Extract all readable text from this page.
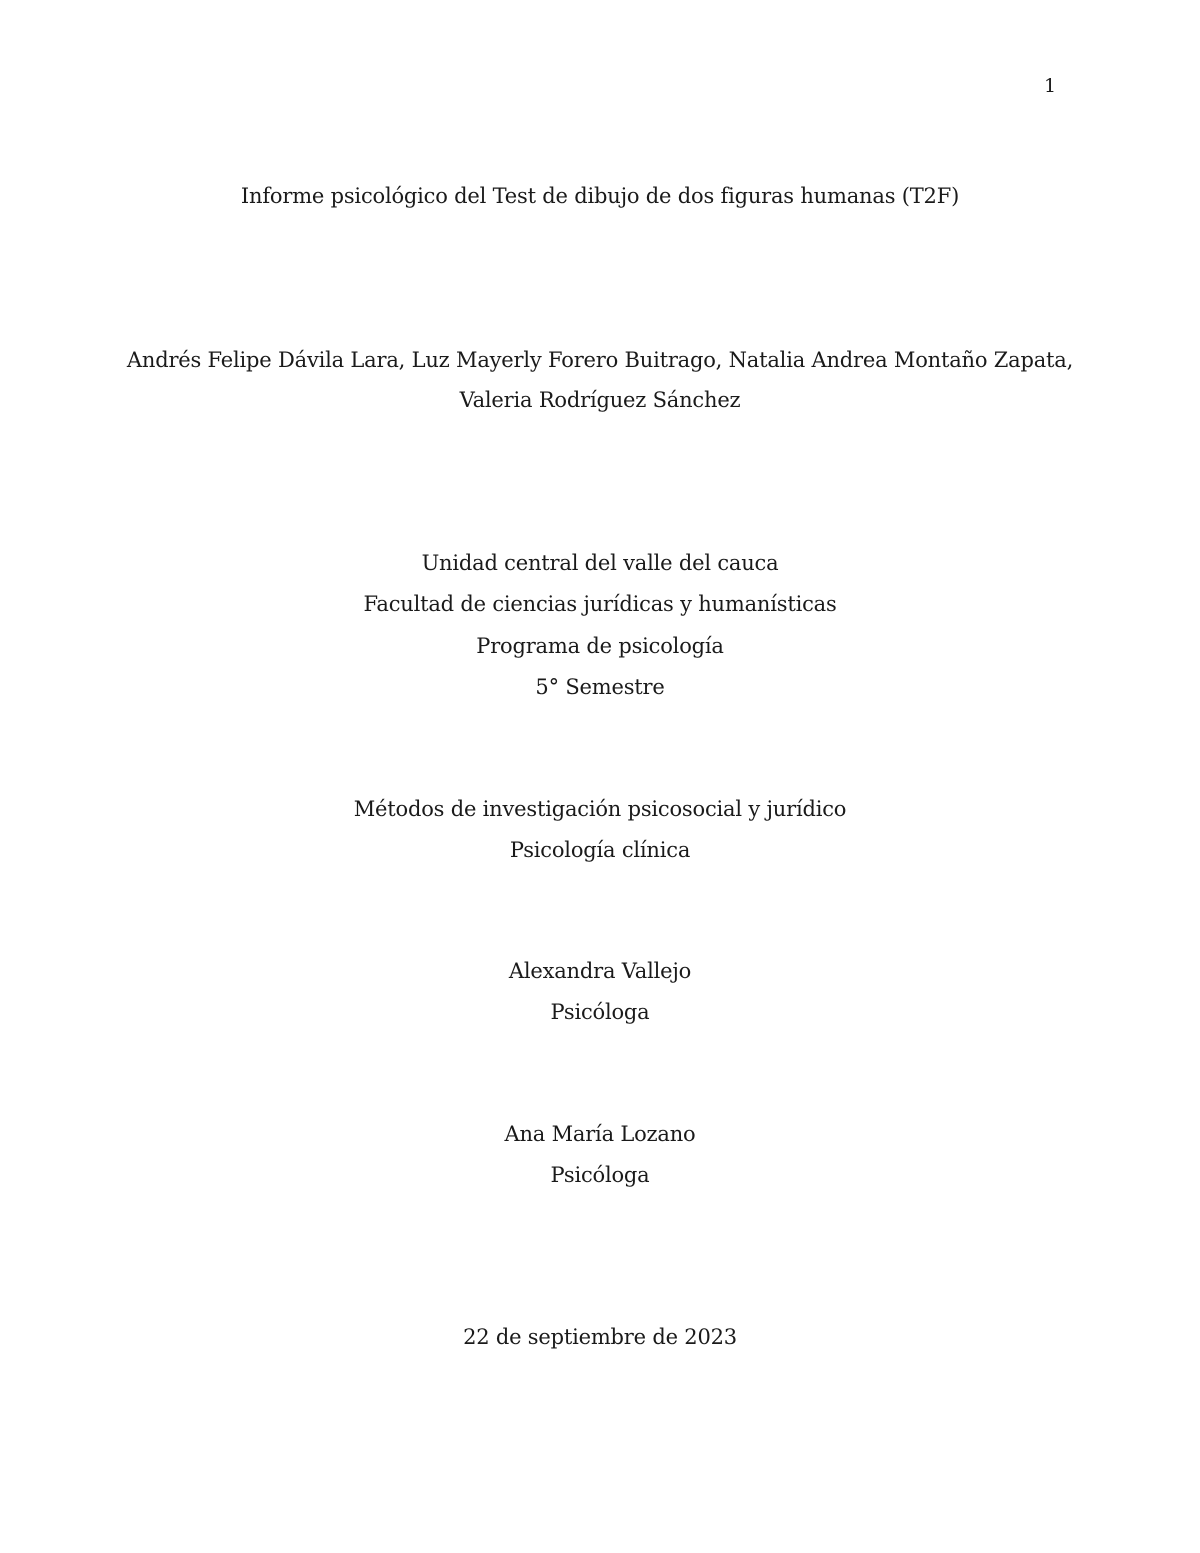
1
Informe psicológico del Test de dibujo de dos figuras humanas (T2F)
Andrés Felipe Dávila Lara, Luz Mayerly Forero Buitrago, Natalia Andrea Montaño Zapata,
Valeria Rodríguez Sánchez
Unidad central del valle del cauca
Facultad de ciencias jurídicas y humanísticas
Programa de psicología
5° Semestre
Métodos de investigación psicosocial y jurídico
Psicología clínica
Alexandra Vallejo
Psicóloga
Ana María Lozano
Psicóloga
22 de septiembre de 2023
